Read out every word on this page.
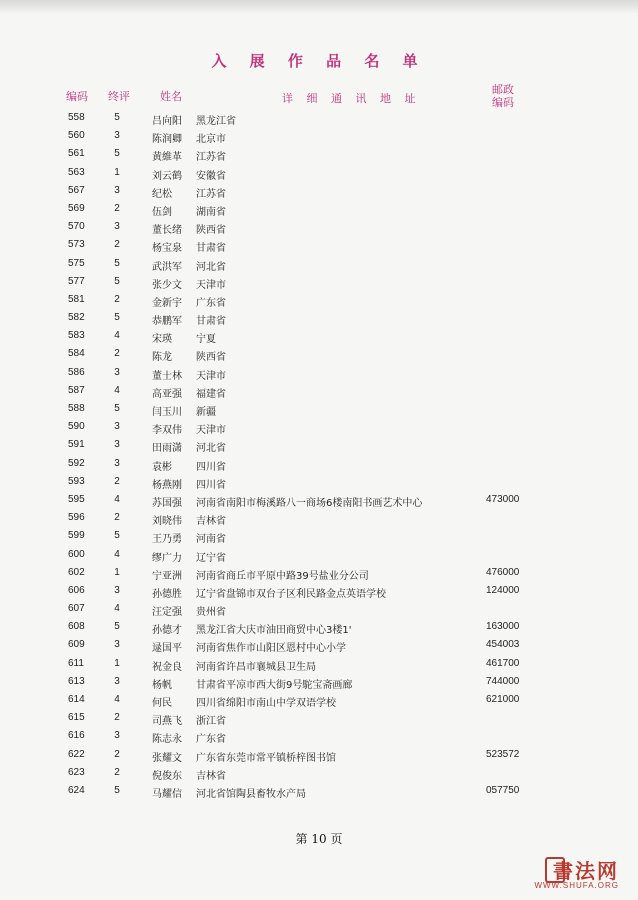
入 展 作 品 名 单
编码 终评	姓名	详 细 通 讯 地 址
邮政
编码
558	5	吕向阳 黑龙江省
560	3	陈润卿 北京市
561	5	黄維革 江苏省
563	1	刘云鹤 安徽省
567	3	纪松 江苏省
569	2	伍剑 湖南省
570	3	董长绪 陕西省
573	2	杨宝泉 甘肃省
575	5	武洪军 河北省
577	5	张少文 天津市
581	2	金新宇 广东省
582	5	恭鹏军 甘肃省
583	4	宋瑛 宁夏
584	2	陈龙 陕西省
586	3	董士林 天津市
587	4	高亚强 福建省
588	5	闫玉川 新疆
590	3	李双伟 天津市
591	3	田雨潇 河北省
592	3	袁彬 四川省
593	2	杨燕刚 四川省
595	4	苏国强 河南省南阳市梅溪路八一商场6楼南阳书画艺术中心	473000
596	2	刘晓伟 吉林省
599	5	王乃勇 河南省
600	4	缪广力 辽宁省
602	1	宁亚洲 河南省商丘市平原中路39号盐业分公司	476000
606	3	孙德胜 辽宁省盘锦市双台子区利民路金点英语学校	124000
607	4	汪定强 贵州省
608	5	孙德才 黑龙江省大庆市油田商贸中心3楼1'	163000
609	3	逯国平 河南省焦作市山阳区恩村中心小学	454003
611	1	祝金良 河南省许昌市襄城县卫生局	461700
613	3	杨帆 甘肃省平凉市西大街9号駝宝斋画廊	744000
614	4	何民 四川省绵阳市南山中学双语学校	621000
615	2	司燕飞 浙江省
616	3	陈志永 广东省
622	2	张耀文 广东省东莞市常平镇桥梓图书馆	523572
623	2	倪俊东 吉林省
624	5	马耀信 河北省馆陶县畜牧水产局	057750
第 10 页
書法网
WWW.SHUFA.ORG
